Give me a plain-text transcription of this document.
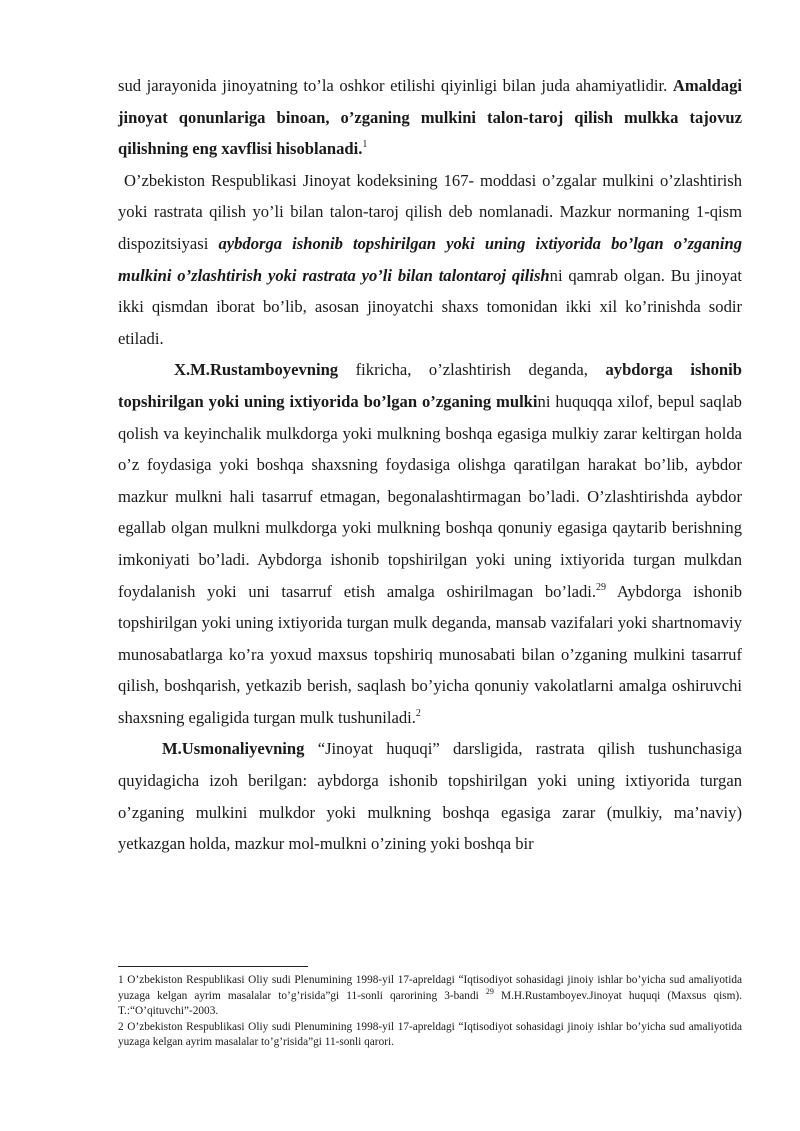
sud jarayonida jinoyatning to’la oshkor etilishi qiyinligi bilan juda ahamiyatlidir. Amaldagi jinoyat qonunlariga binoan, o’zganing mulkini talon-taroj qilish mulkka tajovuz qilishning eng xavflisi hisoblanadi.$^1$

O’zbekiston Respublikasi Jinoyat kodeksining 167- moddasi o’zgalar mulkini o’zlashtirish yoki rastrata qilish yo’li bilan talon-taroj qilish deb nomlanadi. Mazkur normaning 1-qism dispozitsiyasi aybdorga ishonib topshirilgan yoki uning ixtiyorida bo’lgan o’zganing mulkini o’zlashtirish yoki rastrata yo’li bilan talontaroj qilishni qamrab olgan. Bu jinoyat ikki qismdan iborat bo’lib, asosan jinoyatchi shaxs tomonidan ikki xil ko’rinishda sodir etiladi.

X.M.Rustamboyevning fikricha, o’zlashtirish deganda, aybdorga ishonib topshirilgan yoki uning ixtiyorida bo’lgan o’zganing mulkini huquqqa xilof, bepul saqlab qolish va keyinchalik mulkdorga yoki mulkning boshqa egasiga mulkiy zarar keltirgan holda o’z foydasiga yoki boshqa shaxsning foydasiga olishga qaratilgan harakat bo’lib, aybdor mazkur mulkni hali tasarruf etmagan, begonalashtirmagan bo’ladi. O’zlashtirishda aybdor egallab olgan mulkni mulkdorga yoki mulkning boshqa qonuniy egasiga qaytarib berishning imkoniyati bo’ladi. Aybdorga ishonib topshirilgan yoki uning ixtiyorida turgan mulkdan foydalanish yoki uni tasarruf etish amalga oshirilmagan bo’ladi.$^{29}$ Aybdorga ishonib topshirilgan yoki uning ixtiyorida turgan mulk deganda, mansab vazifalari yoki shartnomaviy munosabatlarga ko’ra yoxud maxsus topshiriq munosabati bilan o’zganing mulkini tasarruf qilish, boshqarish, yetkazib berish, saqlash bo’yicha qonuniy vakolatlarni amalga oshiruvchi shaxsning egaligida turgan mulk tushuniladi.$^2$

M.Usmonaliyevning “Jinoyat huquqi” darsligida, rastrata qilish tushunchasiga quyidagicha izoh berilgan: aybdorga ishonib topshirilgan yoki uning ixtiyorida turgan o’zganing mulkini mulkdor yoki mulkning boshqa egasiga zarar (mulkiy, ma’naviy) yetkazgan holda, mazkur mol-mulkni o’zining yoki boshqa bir

1 O’zbekiston Respublikasi Oliy sudi Plenumining 1998-yil 17-apreldagi “Iqtisodiyot sohasidagi jinoiy ishlar bo’yicha sud amaliyotida yuzaga kelgan ayrim masalalar to’g’risida”gi 11-sonli qarorining 3-bandi $^{29}$ M.H.Rustamboyev.Jinoyat huquqi (Maxsus qism). T.:“O’qituvchi”-2003.

2 O’zbekiston Respublikasi Oliy sudi Plenumining 1998-yil 17-apreldagi “Iqtisodiyot sohasidagi jinoiy ishlar bo’yicha sud amaliyotida yuzaga kelgan ayrim masalalar to’g’risida”gi 11-sonli qarori.
